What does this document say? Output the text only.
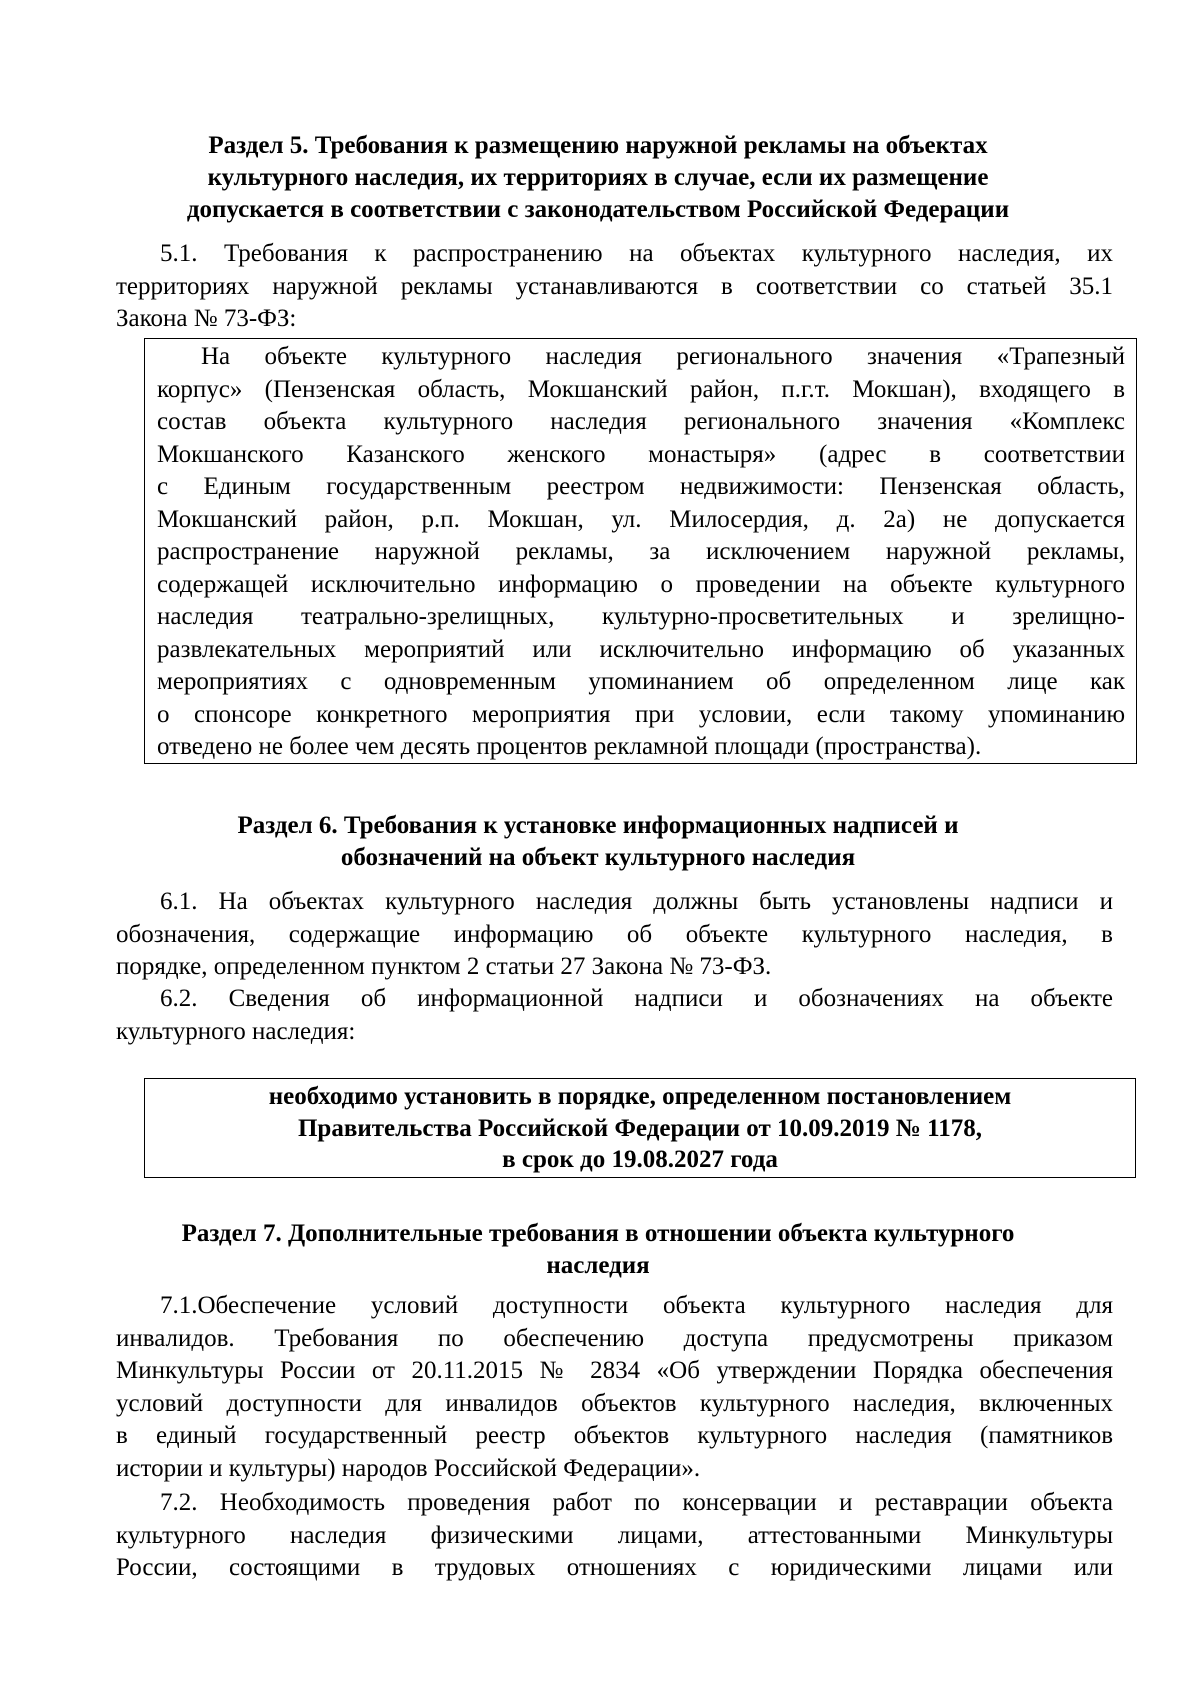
Раздел 5. Требования к размещению наружной рекламы на объектах
культурного наследия, их территориях в случае, если их размещение
допускается в соответствии с законодательством Российской Федерации
5.1. Требования к распространению на объектах культурного наследия, их
территориях наружной рекламы устанавливаются в соответствии со статьей 35.1
Закона № 73-ФЗ:
На объекте культурного наследия регионального значения «Трапезный
корпус» (Пензенская область, Мокшанский район, п.г.т. Мокшан), входящего в
состав объекта культурного наследия регионального значения «Комплекс
Мокшанского Казанского женского монастыря» (адрес в соответствии
с Единым государственным реестром недвижимости: Пензенская область,
Мокшанский район, р.п. Мокшан, ул. Милосердия, д. 2а) не допускается
распространение наружной рекламы, за исключением наружной рекламы,
содержащей исключительно информацию о проведении на объекте культурного
наследия театрально-зрелищных, культурно-просветительных и зрелищно-
развлекательных мероприятий или исключительно информацию об указанных
мероприятиях с одновременным упоминанием об определенном лице как
о спонсоре конкретного мероприятия при условии, если такому упоминанию
отведено не более чем десять процентов рекламной площади (пространства).
Раздел 6. Требования к установке информационных надписей и
обозначений на объект культурного наследия
6.1. На объектах культурного наследия должны быть установлены надписи и
обозначения, содержащие информацию об объекте культурного наследия, в
порядке, определенном пунктом 2 статьи 27 Закона № 73-ФЗ.
6.2. Сведения об информационной надписи и обозначениях на объекте
культурного наследия:
необходимо установить в порядке, определенном постановлением
Правительства Российской Федерации от 10.09.2019 № 1178,
в срок до 19.08.2027 года
Раздел 7. Дополнительные требования в отношении объекта культурного
наследия
7.1.Обеспечение условий доступности объекта культурного наследия для
инвалидов. Требования по обеспечению доступа предусмотрены приказом
Минкультуры России от 20.11.2015 № 2834 «Об утверждении Порядка обеспечения
условий доступности для инвалидов объектов культурного наследия, включенных
в единый государственный реестр объектов культурного наследия (памятников
истории и культуры) народов Российской Федерации».
7.2. Необходимость проведения работ по консервации и реставрации объекта
культурного наследия физическими лицами, аттестованными Минкультуры
России, состоящими в трудовых отношениях с юридическими лицами или
